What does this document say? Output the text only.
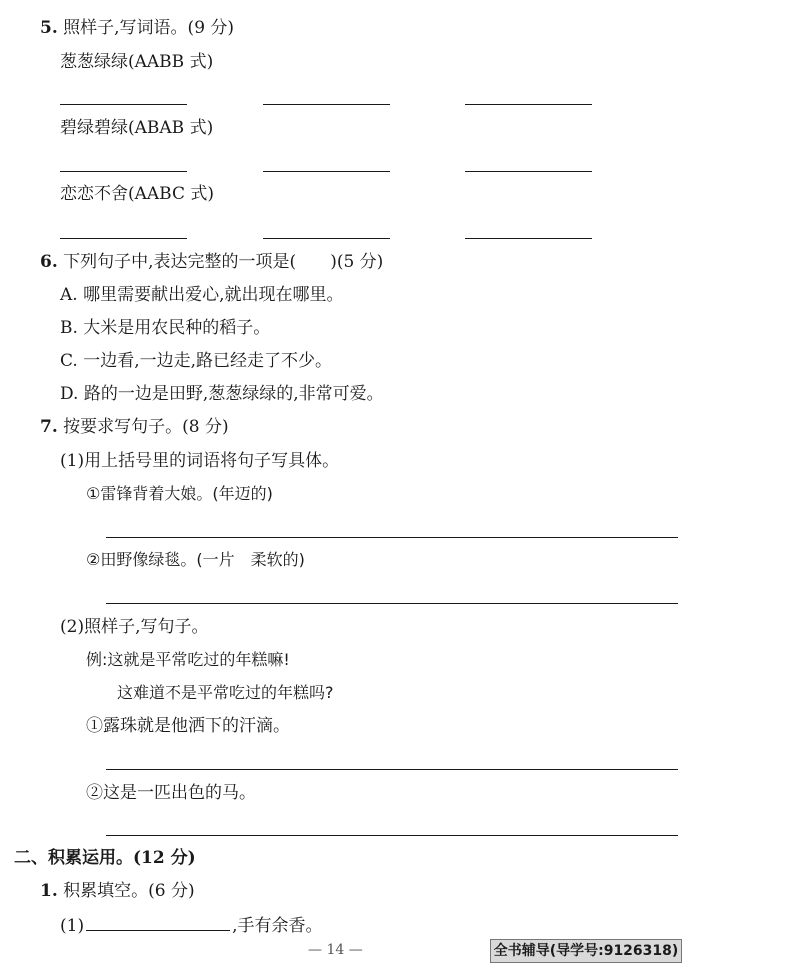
5. 照样子,写词语。(9 分)
葱葱绿绿(AABB 式)
碧绿碧绿(ABAB 式)
恋恋不舍(AABC 式)
6. 下列句子中,表达完整的一项是(　　)(5 分)
A. 哪里需要献出爱心,就出现在哪里。
B. 大米是用农民种的稻子。
C. 一边看,一边走,路已经走了不少。
D. 路的一边是田野,葱葱绿绿的,非常可爱。
7. 按要求写句子。(8 分)
(1)用上括号里的词语将句子写具体。
①雷锋背着大娘。(年迈的)
②田野像绿毯。(一片　柔软的)
(2)照样子,写句子。
例:这就是平常吃过的年糕嘛!
这难道不是平常吃过的年糕吗?
①露珠就是他洒下的汗滴。
②这是一匹出色的马。
二、积累运用。(12 分)
1. 积累填空。(6 分)
(1)	,手有余香。
— 14 —	全书辅导(导学号:9126318)
